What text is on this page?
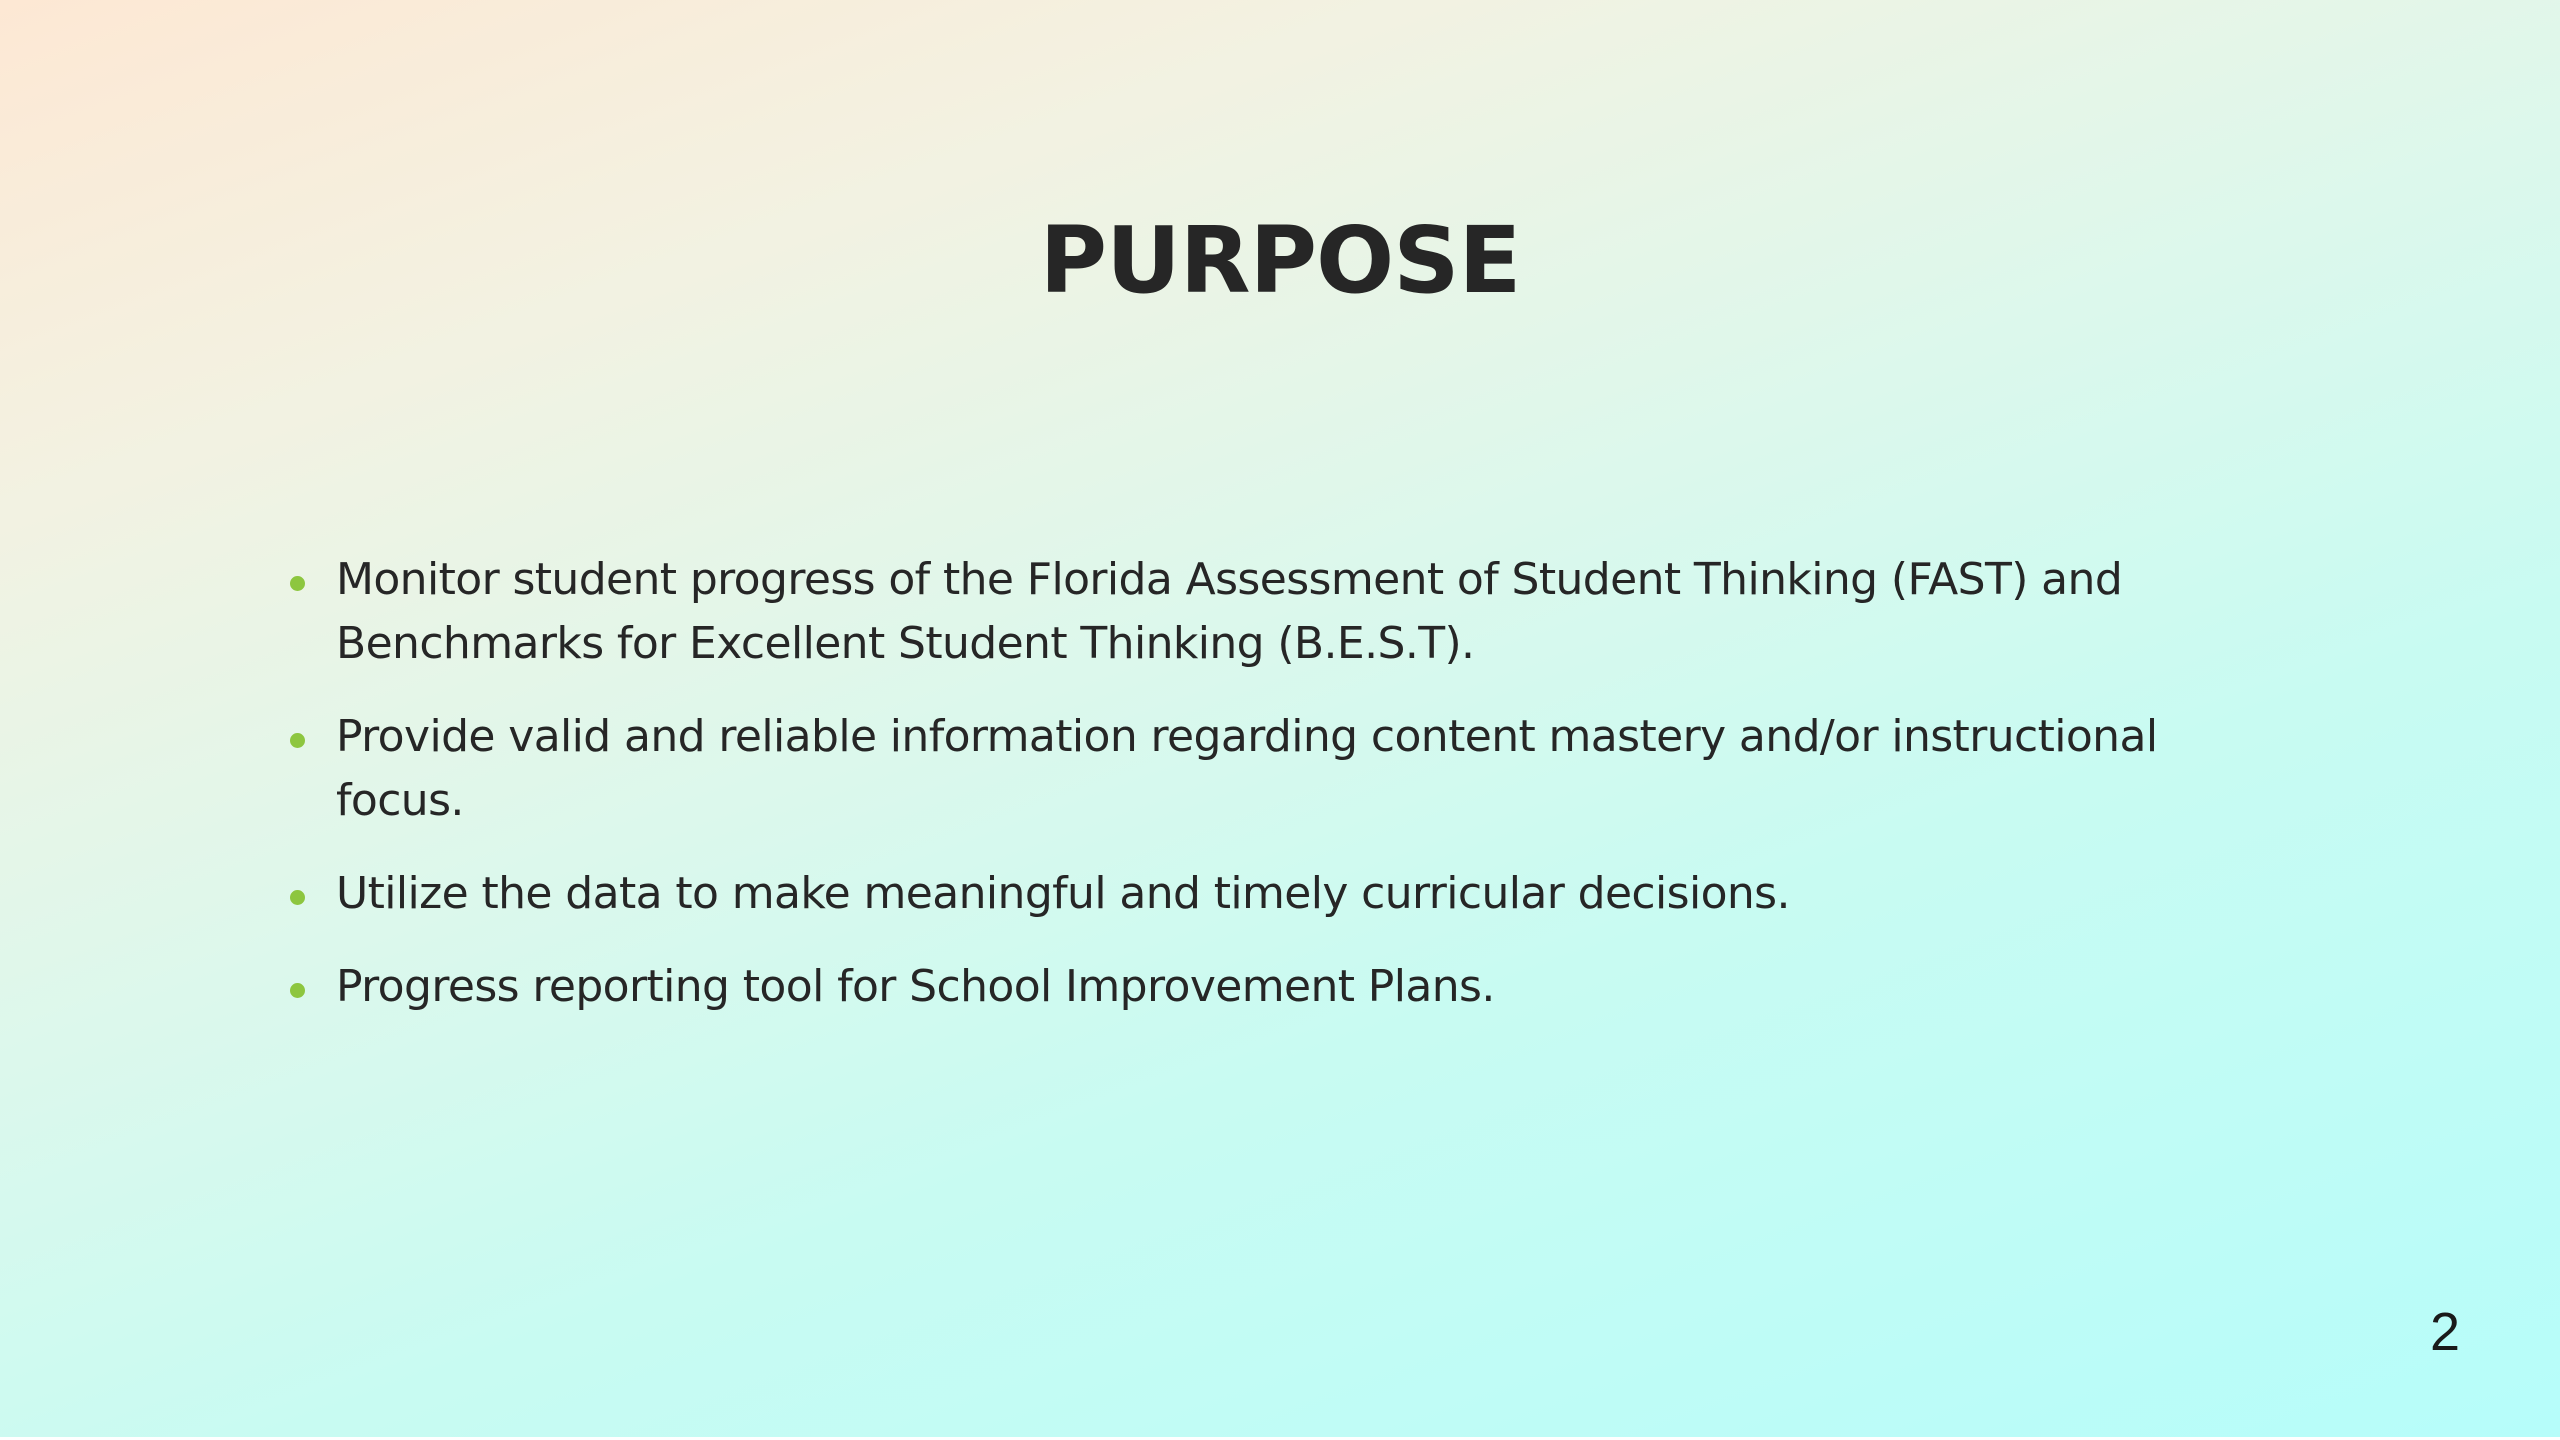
PURPOSE
Monitor student progress of the Florida Assessment of Student Thinking (FAST) and Benchmarks for Excellent Student Thinking (B.E.S.T).
Provide valid and reliable information regarding content mastery and/or instructional focus.
Utilize the data to make meaningful and timely curricular decisions.
Progress reporting tool for School Improvement Plans.
2
